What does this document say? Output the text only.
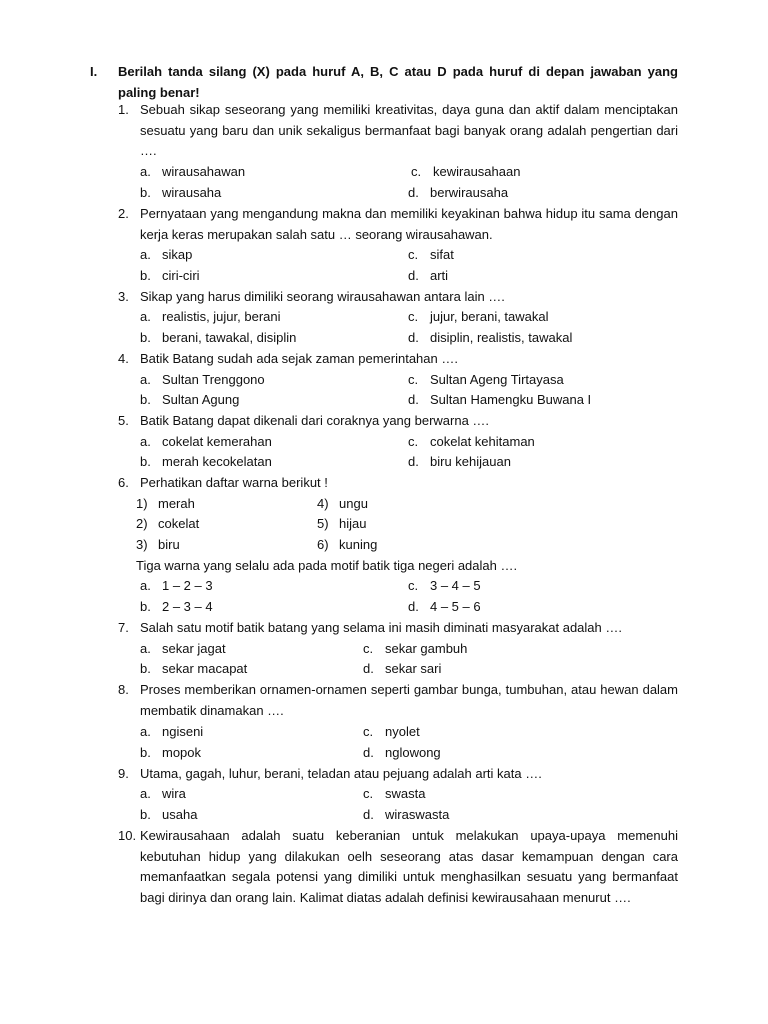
I. Berilah tanda silang (X) pada huruf A, B, C atau D pada huruf di depan jawaban yang

paling benar!

1. Sebuah sikap seseorang yang memiliki kreativitas, daya guna dan aktif dalam menciptakan sesuatu yang baru dan unik sekaligus bermanfaat bagi banyak orang adalah pengertian dari ….
a. wirausahawan	c. kewirausahaan
b. wirausaha	d. berwirausaha
2. Pernyataan yang mengandung makna dan memiliki keyakinan bahwa hidup itu sama dengan kerja keras merupakan salah satu … seorang wirausahawan.
a. sikap	c. sifat
b. ciri-ciri	d. arti
3. Sikap yang harus dimiliki seorang wirausahawan antara lain ….
a. realistis, jujur, berani	c. jujur, berani, tawakal
b. berani, tawakal, disiplin	d. disiplin, realistis, tawakal
4. Batik Batang sudah ada sejak zaman pemerintahan ….
a. Sultan Trenggono	c. Sultan Ageng Tirtayasa
b. Sultan Agung	d. Sultan Hamengku Buwana I
5. Batik Batang dapat dikenali dari coraknya yang berwarna ….
a. cokelat kemerahan	c. cokelat kehitaman
b. merah kecokelatan	d. biru kehijauan
6. Perhatikan daftar warna berikut !
1) merah	4) ungu
2) cokelat	5) hijau
3) biru	6) kuning
Tiga warna yang selalu ada pada motif batik tiga negeri adalah ….
a. 1 – 2 – 3	c. 3 – 4 – 5
b. 2 – 3 – 4	d. 4 – 5 – 6
7. Salah satu motif batik batang yang selama ini masih diminati masyarakat adalah ….
a. sekar jagat	c. sekar gambuh
b. sekar macapat	d. sekar sari
8. Proses memberikan ornamen-ornamen seperti gambar bunga, tumbuhan, atau hewan dalam membatik dinamakan ….
a. ngiseni	c. nyolet
b. mopok	d. nglowong
9. Utama, gagah, luhur, berani, teladan atau pejuang adalah arti kata ….
a. wira	c. swasta
b. usaha	d. wiraswasta
10. Kewirausahaan adalah suatu keberanian untuk melakukan upaya-upaya memenuhi kebutuhan hidup yang dilakukan oelh seseorang atas dasar kemampuan dengan cara memanfaatkan segala potensi yang dimiliki untuk menghasilkan sesuatu yang bermanfaat bagi dirinya dan orang lain. Kalimat diatas adalah definisi kewirausahaan menurut ….
